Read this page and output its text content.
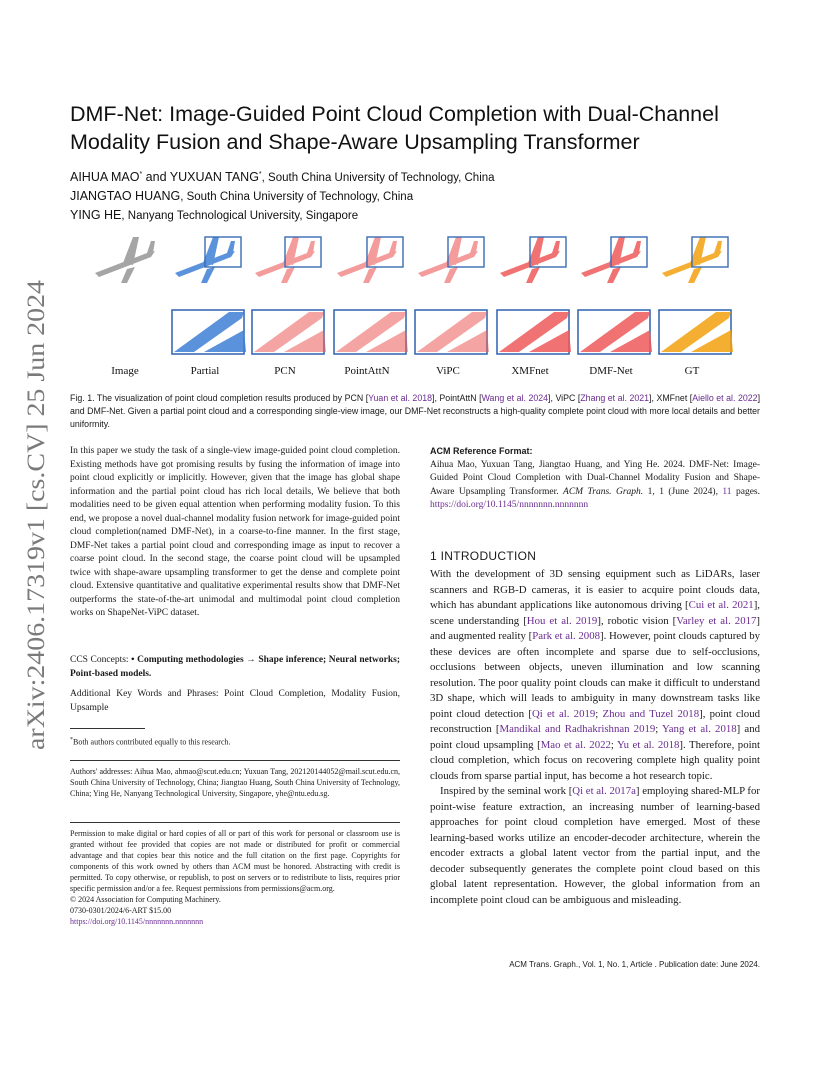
arXiv:2406.17319v1 [cs.CV] 25 Jun 2024
DMF-Net: Image-Guided Point Cloud Completion with Dual-Channel
Modality Fusion and Shape-Aware Upsampling Transformer
AIHUA MAO* and YUXUAN TANG*, South China University of Technology, China
JIANGTAO HUANG, South China University of Technology, China
YING HE, Nanyang Technological University, Singapore
Image	Partial	PCN	PointAttN	ViPC	XMFnet	DMF-Net	GT
Fig. 1. The visualization of point cloud completion results produced by PCN [Yuan et al. 2018], PointAttN [Wang et al. 2024], ViPC [Zhang et al. 2021], XMFnet [Aiello et al. 2022] and DMF-Net. Given a partial point cloud and a corresponding single-view image, our DMF-Net reconstructs a high-quality complete point cloud with more local details and better uniformity.
In this paper we study the task of a single-view image-guided point cloud completion. Existing methods have got promising results by fusing the information of image into point cloud explicitly or implicitly. However, given that the image has global shape information and the partial point cloud has rich local details, We believe that both modalities need to be given equal attention when performing modality fusion. To this end, we propose a novel dual-channel modality fusion network for image-guided point cloud completion(named DMF-Net), in a coarse-to-fine manner. In the first stage, DMF-Net takes a partial point cloud and corresponding image as input to recover a coarse point cloud. In the second stage, the coarse point cloud will be upsampled twice with shape-aware upsampling transformer to get the dense and complete point cloud. Extensive quantitative and qualitative experimental results show that DMF-Net outperforms the state-of-the-art unimodal and multimodal point cloud completion works on ShapeNet-ViPC dataset.
CCS Concepts: • Computing methodologies → Shape inference; Neural networks; Point-based models.
Additional Key Words and Phrases: Point Cloud Completion, Modality Fusion, Upsample
*Both authors contributed equally to this research.
Authors' addresses: Aihua Mao, ahmao@scut.edu.cn; Yuxuan Tang, 202120144052@mail.scut.edu.cn, South China University of Technology, China; Jiangtao Huang, South China University of Technology, China; Ying He, Nanyang Technological University, Singapore, yhe@ntu.edu.sg.
Permission to make digital or hard copies of all or part of this work for personal or classroom use is granted without fee provided that copies are not made or distributed for profit or commercial advantage and that copies bear this notice and the full citation on the first page. Copyrights for components of this work owned by others than ACM must be honored. Abstracting with credit is permitted. To copy otherwise, or republish, to post on servers or to redistribute to lists, requires prior specific permission and/or a fee. Request permissions from permissions@acm.org.
© 2024 Association for Computing Machinery.
0730-0301/2024/6-ART $15.00
https://doi.org/10.1145/nnnnnnn.nnnnnnn
ACM Reference Format:
Aihua Mao, Yuxuan Tang, Jiangtao Huang, and Ying He. 2024. DMF-Net: Image-Guided Point Cloud Completion with Dual-Channel Modality Fusion and Shape-Aware Upsampling Transformer. ACM Trans. Graph. 1, 1 (June 2024), 11 pages. https://doi.org/10.1145/nnnnnnn.nnnnnnn
1 INTRODUCTION

With the development of 3D sensing equipment such as LiDARs, laser scanners and RGB-D cameras, it is easier to acquire point clouds data, which has abundant applications like autonomous driving [Cui et al. 2021], scene understanding [Hou et al. 2019], robotic vision [Varley et al. 2017] and augmented reality [Park et al. 2008]. However, point clouds captured by these devices are often incomplete and sparse due to self-occlusions, occlusions between objects, uneven illumination and low scanning resolution. The poor quality point clouds can make it difficult to understand 3D shape, which will leads to ambiguity in many downstream tasks like point cloud detection [Qi et al. 2019; Zhou and Tuzel 2018], point cloud reconstruction [Mandikal and Radhakrishnan 2019; Yang et al. 2018] and point cloud upsampling [Mao et al. 2022; Yu et al. 2018]. Therefore, point cloud completion, which focus on recovering complete high quality point clouds from sparse partial input, has become a hot research topic.

Inspired by the seminal work [Qi et al. 2017a] employing shared-MLP for point-wise feature extraction, an increasing number of learning-based approaches for point cloud completion have emerged. Most of these learning-based works utilize an encoder-decoder architecture, wherein the encoder extracts a global latent vector from the partial input, and the decoder subsequently generates the complete point cloud based on this global latent representation. However, the global information from an incomplete point cloud can be ambiguous and misleading.

ACM Trans. Graph., Vol. 1, No. 1, Article . Publication date: June 2024.
